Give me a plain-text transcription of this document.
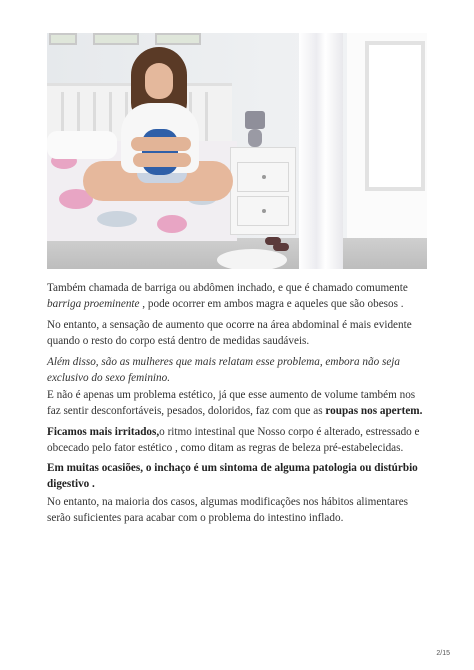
Também chamada de barriga ou abdômen inchado, e que é chamado comumente barriga proeminente , pode ocorrer em ambos magra e aqueles que são obesos .

No entanto, a sensação de aumento que ocorre na área abdominal é mais evidente quando o resto do corpo está dentro de medidas saudáveis.

Além disso, são as mulheres que mais relatam esse problema, embora não seja exclusivo do sexo feminino.

E não é apenas um problema estético, já que esse aumento de volume também nos faz sentir desconfortáveis, pesados, doloridos, faz com que as roupas nos apertem.

Ficamos mais irritados,o ritmo intestinal que Nosso corpo é alterado, estressado e obcecado pelo fator estético , como ditam as regras de beleza pré-estabelecidas.

Em muitas ocasiões, o inchaço é um sintoma de alguma patologia ou distúrbio digestivo .

No entanto, na maioria dos casos, algumas modificações nos hábitos alimentares serão suficientes para acabar com o problema do intestino inflado.

2/15
